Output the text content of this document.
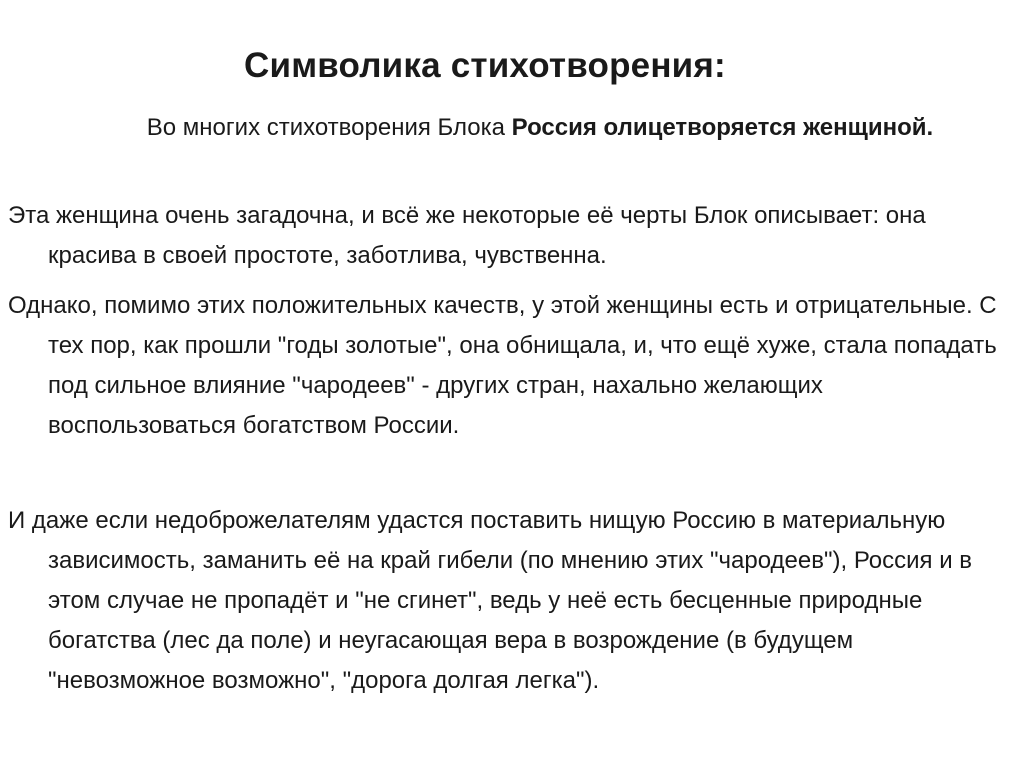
Символика стихотворения:
Во многих стихотворения Блока Россия олицетворяется женщиной.
Эта женщина очень загадочна, и всё же некоторые её черты Блок описывает: она красива в своей простоте, заботлива, чувственна.
Однако, помимо этих положительных качеств, у этой женщины есть и отрицательные. С тех пор, как прошли "годы золотые", она обнищала, и, что ещё хуже, стала попадать под сильное влияние "чародеев" - других стран, нахально желающих воспользоваться богатством России.
И даже если недоброжелателям удастся поставить нищую Россию в материальную зависимость, заманить её на край гибели (по мнению этих "чародеев"), Россия и в этом случае не пропадёт и "не сгинет", ведь у неё есть бесценные природные богатства (лес да поле) и неугасающая вера в возрождение (в будущем "невозможное возможно", "дорога долгая легка").
